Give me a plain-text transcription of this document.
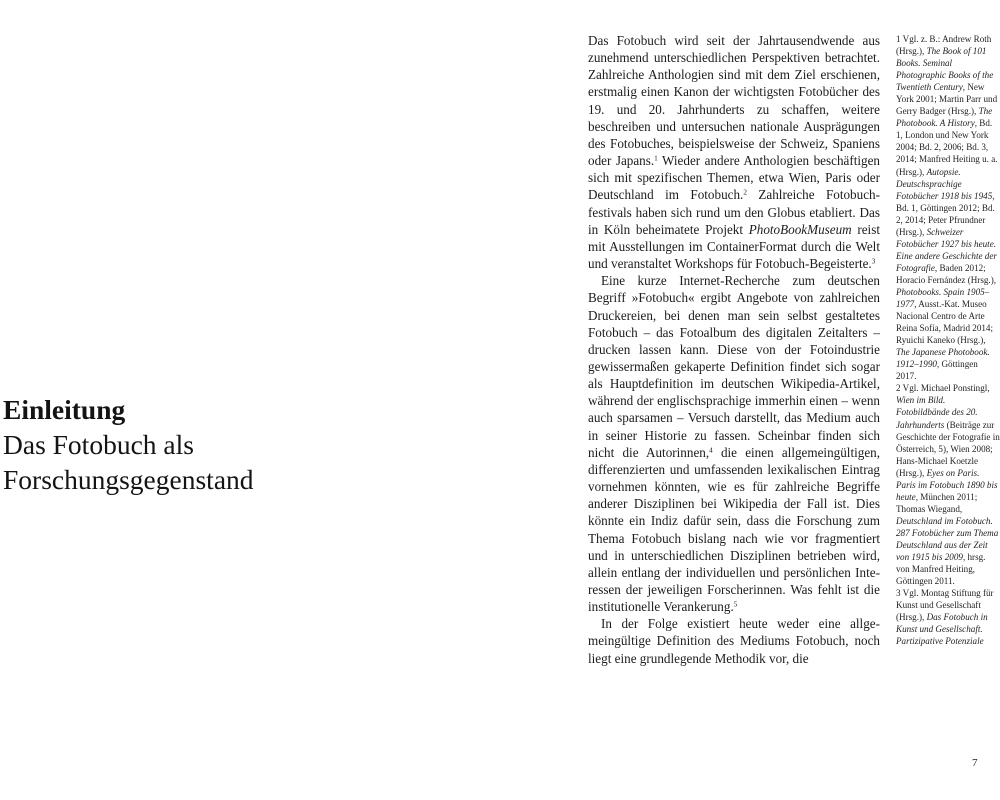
Einleitung
Das Fotobuch als
Forschungsgegenstand

Das Fotobuch wird seit der Jahrtausendwende aus zunehmend unterschiedlichen Perspektiven betrachtet. Zahlreiche Anthologien sind mit dem Ziel erschienen, erstmalig einen Kanon der wichtigsten Fotobücher des 19. und 20. Jahrhunderts zu schaffen, weitere beschreiben und untersuchen nationale Ausprägungen des Fotobuches, beispielsweise der Schweiz, Spaniens oder Japans.$^1$ Wieder andere Anthologien beschäftigen sich mit spezifischen Themen, etwa Wien, Paris oder Deutschland im Fotobuch.$^2$ Zahlreiche Fotobuchfestivals haben sich rund um den Globus etabliert. Das in Köln beheimatete Projekt PhotoBookMuseum reist mit Ausstellungen im ContainerFormat durch die Welt und veranstaltet Workshops für Fotobuch-Begeisterte.$^3$

Eine kurze Internet-Recherche zum deutschen Begriff »Fotobuch« ergibt Angebote von zahlreichen Druckereien, bei denen man sein selbst gestaltetes Fotobuch – das Fotoalbum des digitalen Zeitalters – drucken lassen kann. Diese von der Fotoindustrie gewissermaßen gekaperte Definition findet sich sogar als Hauptdefinition im deutschen Wikipedia-Artikel, während der englischsprachige immerhin einen – wenn auch sparsamen – Versuch darstellt, das Medium auch in seiner Historie zu fassen. Scheinbar finden sich nicht die Autorinnen,$^4$ die einen allgemeingültigen, differenzierten und umfassenden lexikalischen Eintrag vornehmen könnten, wie es für zahlreiche Begriffe anderer Disziplinen bei Wikipedia der Fall ist. Dies könnte ein Indiz dafür sein, dass die Forschung zum Thema Fotobuch bislang nach wie vor fragmentiert und in unterschiedlichen Disziplinen betrieben wird, allein entlang der individuellen und persönlichen Interessen der jeweiligen Forscherinnen. Was fehlt ist die institutionelle Verankerung.$^5$

In der Folge existiert heute weder eine allgemeingültige Definition des Mediums Fotobuch, noch liegt eine grundlegende Methodik vor, die

1 Vgl. z. B.: Andrew Roth (Hrsg.), The Book of 101 Books. Seminal Photographic Books of the Twentieth Century, New York 2001; Martin Parr und Gerry Badger (Hrsg.), The Photobook. A History, Bd. 1, London und New York 2004; Bd. 2, 2006; Bd. 3, 2014; Manfred Heiting u. a. (Hrsg.), Autopsie. Deutschsprachige Fotobücher 1918 bis 1945, Bd. 1, Göttingen 2012; Bd. 2, 2014; Peter Pfrundner (Hrsg.), Schweizer Fotobücher 1927 bis heute. Eine andere Geschichte der Fotografie, Baden 2012; Horacio Fernández (Hrsg.), Photobooks. Spain 1905–1977, Ausst.-Kat. Museo Nacional Centro de Arte Reina Sofía, Madrid 2014; Ryuichi Kaneko (Hrsg.), The Japanese Photobook. 1912–1990, Göttingen 2017.
2 Vgl. Michael Ponstingl, Wien im Bild. Fotobildbände des 20. Jahrhunderts (Beiträge zur Geschichte der Fotografie in Österreich, 5), Wien 2008; Hans-Michael Koetzle (Hrsg.), Eyes on Paris. Paris im Fotobuch 1890 bis heute, München 2011; Thomas Wiegand, Deutschland im Fotobuch. 287 Fotobücher zum Thema Deutschland aus der Zeit von 1915 bis 2009, hrsg. von Manfred Heiting, Göttingen 2011.
3 Vgl. Montag Stiftung für Kunst und Gesellschaft (Hrsg.), Das Fotobuch in Kunst und Gesellschaft. Partizipative Potenziale
7
